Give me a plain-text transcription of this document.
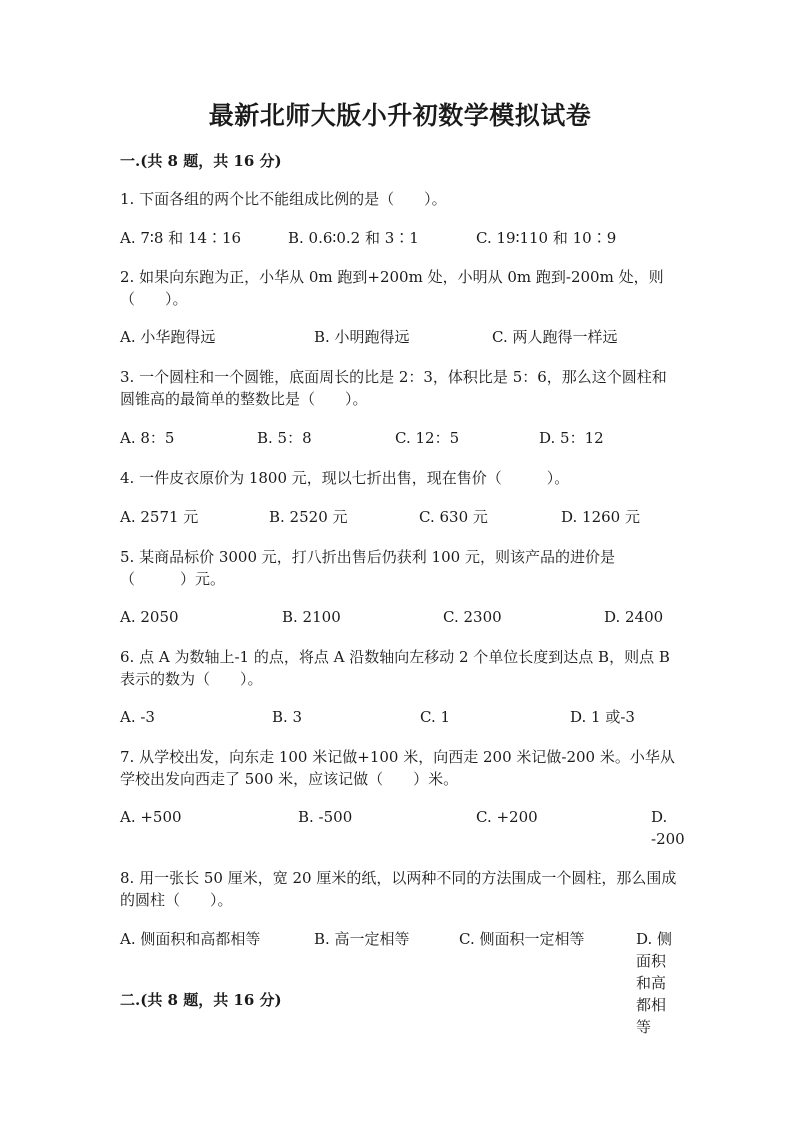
最新北师大版小升初数学模拟试卷
一.(共 8 题，共 16 分)
1. 下面各组的两个比不能组成比例的是（　　）。
A. 7∶8 和 14∶16	B. 0.6∶0.2 和 3∶1	C. 19∶110 和 10∶9
2. 如果向东跑为正，小华从 0m 跑到+200m 处，小明从 0m 跑到-200m 处，则（　　）。
A. 小华跑得远	B. 小明跑得远	C. 两人跑得一样远
3. 一个圆柱和一个圆锥，底面周长的比是 2：3，体积比是 5：6，那么这个圆柱和圆锥高的最简单的整数比是（　　）。
A. 8：5	B. 5：8	C. 12：5	D. 5：12
4. 一件皮衣原价为 1800 元，现以七折出售，现在售价（　　　）。
A. 2571 元	B. 2520 元	C. 630 元	D. 1260 元
5. 某商品标价 3000 元，打八折出售后仍获利 100 元，则该产品的进价是（　　　）元。
A. 2050	B. 2100	C. 2300	D. 2400
6. 点 A 为数轴上-1 的点，将点 A 沿数轴向左移动 2 个单位长度到达点 B，则点 B 表示的数为（　　）。
A. -3	B. 3	C. 1	D. 1 或-3
7. 从学校出发，向东走 100 米记做+100 米，向西走 200 米记做-200 米。小华从学校出发向西走了 500 米，应该记做（　　）米。
A. +500	B. -500	C. +200	D. -200
8. 用一张长 50 厘米，宽 20 厘米的纸，以两种不同的方法围成一个圆柱，那么围成的圆柱（　　）。
A. 侧面积和高都相等	B. 高一定相等	C. 侧面积一定相等	D. 侧面积和高都相等
二.(共 8 题，共 16 分)
